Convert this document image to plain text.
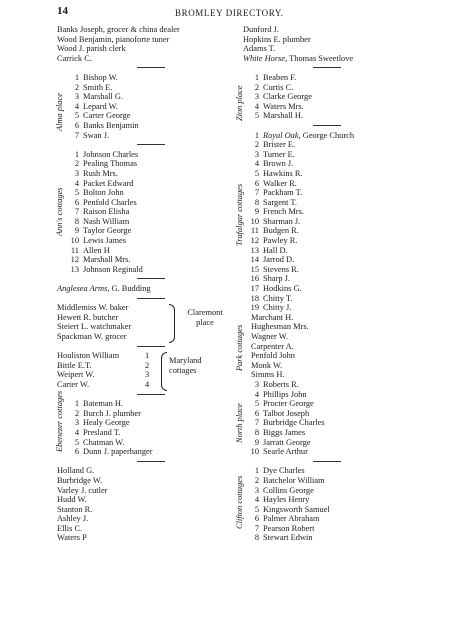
14	BROMLEY DIRECTORY.
Banks Joseph, grocer & china dealer
Wood Benjamin, pianoforte tuner
Wood J. parish clerk
Carrick C.
1 Bishop W.
2 Smith E.
3 Marshall G.
4 Lepard W.
5 Carter George
6 Banks Benjamin
7 Swan J.
Alma place
1 Johnson Charles
2 Pealing Thomas
3 Rush Mrs.
4 Packet Edward
5 Bolton John
6 Penfold Charles
7 Raison Elisha
8 Nash William
9 Taylor George
10 Lewis James
11 Allen H
12 Marshall Mrs.
13 Johnson Reginald
Ann's cottages
Anglesea Arms, G. Budding
Middlemiss W. baker
Hewett R. butcher
Steiert L. watchmaker
Spackman W. grocer
Claremont place
Houliston William	1
Bittle E.T.	2
Weipert W.	3
Carter W.	4
Maryland cottages
1 Bateman H.
2 Burch J. plumber
3 Healy George
4 Presland T.
5 Chatman W.
6 Dunn J. paperhanger
Ebenezer cottages
Holland G.
Burbridge W.
Varley J. cutler
Hudd W.
Stanton R.
Ashley J.
Ellis C.
Waters P
Dunford J.
Hopkins E. plumber
Adams T.
White Horse, Thomas Sweetlove
1 Beaben F.
2 Curtis C.
3 Clarke George
4 Waters Mrs.
5 Marshall H.
Zion place
1 Royal Oak, George Church
2 Brister E.
3 Turner E.
4 Brown J.
5 Hawkins R.
6 Walker R.
7 Packham T.
8 Sargent T.
9 French Mrs.
10 Sharman J.
11 Budgen R.
12 Pawley R.
13 Hall D.
14 Jarrod D.
15 Stevens R.
16 Sharp J.
17 Hodkins G.
18 Chitty T.
19 Chitty J.
Trafalgar cottages
Marchant H.
Hughesman Mrs.
Wagner W.
Carpenter A.
Penfold John
Monk W.
Simms H.
Park cottages
3 Roberts R.
4 Phillips John
5 Procter George
6 Talbot Joseph
7 Burbridge Charles
8 Biggs James
9 Jarratt George
10 Searle Arthur
North place
1 Dye Charles
2 Batchelor William
3 Collins George
4 Hayles Henry
5 Kingsworth Samuel
6 Palmer Abraham
7 Pearson Robert
8 Stewart Edwin
Clifton cottages
